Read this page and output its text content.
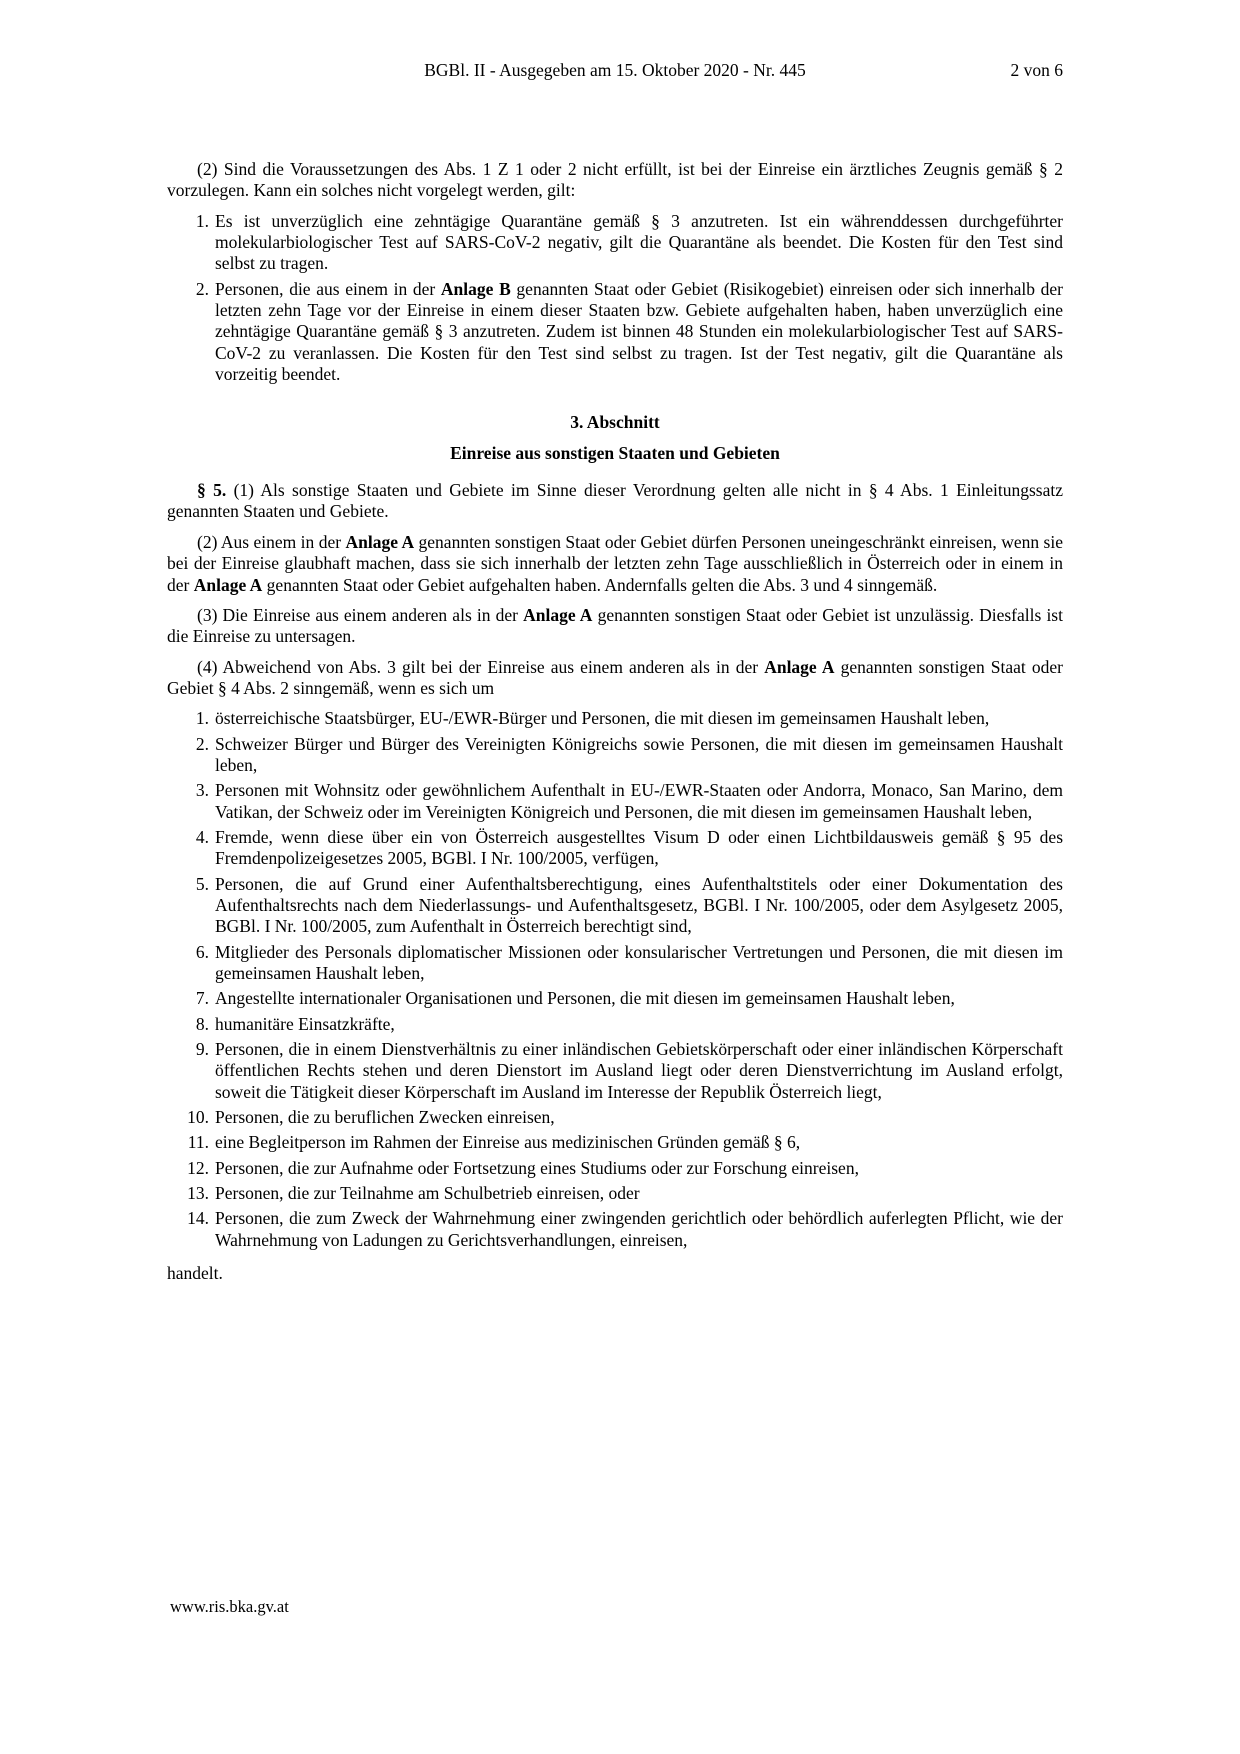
BGBl. II - Ausgegeben am 15. Oktober 2020 - Nr. 445	2 von 6

(2) Sind die Voraussetzungen des Abs. 1 Z 1 oder 2 nicht erfüllt, ist bei der Einreise ein ärztliches Zeugnis gemäß § 2 vorzulegen. Kann ein solches nicht vorgelegt werden, gilt:

1. Es ist unverzüglich eine zehntägige Quarantäne gemäß § 3 anzutreten. Ist ein währenddessen durchgeführter molekularbiologischer Test auf SARS-CoV-2 negativ, gilt die Quarantäne als beendet. Die Kosten für den Test sind selbst zu tragen.
2. Personen, die aus einem in der Anlage B genannten Staat oder Gebiet (Risikogebiet) einreisen oder sich innerhalb der letzten zehn Tage vor der Einreise in einem dieser Staaten bzw. Gebiete aufgehalten haben, haben unverzüglich eine zehntägige Quarantäne gemäß § 3 anzutreten. Zudem ist binnen 48 Stunden ein molekularbiologischer Test auf SARS-CoV-2 zu veranlassen. Die Kosten für den Test sind selbst zu tragen. Ist der Test negativ, gilt die Quarantäne als vorzeitig beendet.
3. Abschnitt
Einreise aus sonstigen Staaten und Gebieten

§ 5. (1) Als sonstige Staaten und Gebiete im Sinne dieser Verordnung gelten alle nicht in § 4 Abs. 1 Einleitungssatz genannten Staaten und Gebiete.

(2) Aus einem in der Anlage A genannten sonstigen Staat oder Gebiet dürfen Personen uneingeschränkt einreisen, wenn sie bei der Einreise glaubhaft machen, dass sie sich innerhalb der letzten zehn Tage ausschließlich in Österreich oder in einem in der Anlage A genannten Staat oder Gebiet aufgehalten haben. Andernfalls gelten die Abs. 3 und 4 sinngemäß.

(3) Die Einreise aus einem anderen als in der Anlage A genannten sonstigen Staat oder Gebiet ist unzulässig. Diesfalls ist die Einreise zu untersagen.

(4) Abweichend von Abs. 3 gilt bei der Einreise aus einem anderen als in der Anlage A genannten sonstigen Staat oder Gebiet § 4 Abs. 2 sinngemäß, wenn es sich um

1. österreichische Staatsbürger, EU-/EWR-Bürger und Personen, die mit diesen im gemeinsamen Haushalt leben,
2. Schweizer Bürger und Bürger des Vereinigten Königreichs sowie Personen, die mit diesen im gemeinsamen Haushalt leben,
3. Personen mit Wohnsitz oder gewöhnlichem Aufenthalt in EU-/EWR-Staaten oder Andorra, Monaco, San Marino, dem Vatikan, der Schweiz oder im Vereinigten Königreich und Personen, die mit diesen im gemeinsamen Haushalt leben,
4. Fremde, wenn diese über ein von Österreich ausgestelltes Visum D oder einen Lichtbildausweis gemäß § 95 des Fremdenpolizeigesetzes 2005, BGBl. I Nr. 100/2005, verfügen,
5. Personen, die auf Grund einer Aufenthaltsberechtigung, eines Aufenthaltstitels oder einer Dokumentation des Aufenthaltsrechts nach dem Niederlassungs- und Aufenthaltsgesetz, BGBl. I Nr. 100/2005, oder dem Asylgesetz 2005, BGBl. I Nr. 100/2005, zum Aufenthalt in Österreich berechtigt sind,
6. Mitglieder des Personals diplomatischer Missionen oder konsularischer Vertretungen und Personen, die mit diesen im gemeinsamen Haushalt leben,
7. Angestellte internationaler Organisationen und Personen, die mit diesen im gemeinsamen Haushalt leben,
8. humanitäre Einsatzkräfte,
9. Personen, die in einem Dienstverhältnis zu einer inländischen Gebietskörperschaft oder einer inländischen Körperschaft öffentlichen Rechts stehen und deren Dienstort im Ausland liegt oder deren Dienstverrichtung im Ausland erfolgt, soweit die Tätigkeit dieser Körperschaft im Ausland im Interesse der Republik Österreich liegt,
10. Personen, die zu beruflichen Zwecken einreisen,
11. eine Begleitperson im Rahmen der Einreise aus medizinischen Gründen gemäß § 6,
12. Personen, die zur Aufnahme oder Fortsetzung eines Studiums oder zur Forschung einreisen,
13. Personen, die zur Teilnahme am Schulbetrieb einreisen, oder
14. Personen, die zum Zweck der Wahrnehmung einer zwingenden gerichtlich oder behördlich auferlegten Pflicht, wie der Wahrnehmung von Ladungen zu Gerichtsverhandlungen, einreisen,

handelt.

www.ris.bka.gv.at
